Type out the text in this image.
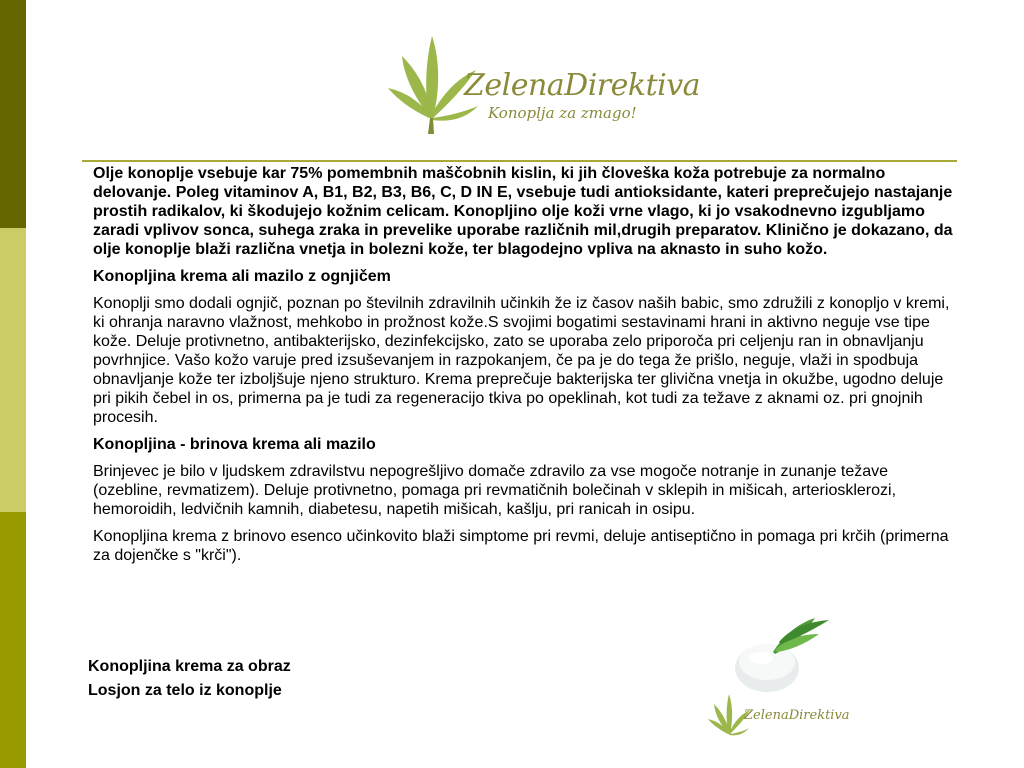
ZelenaDirektiva
Konoplja za zmago!

Olje konoplje vsebuje kar 75% pomembnih maščobnih kislin, ki jih človeška koža potrebuje za normalno delovanje. Poleg vitaminov A, B1, B2, B3, B6, C, D IN E, vsebuje tudi antioksidante, kateri preprečujejo nastajanje prostih radikalov, ki škodujejo kožnim celicam. Konopljino olje koži vrne vlago, ki jo vsakodnevno izgubljamo zaradi vplivov sonca, suhega zraka in prevelike uporabe različnih mil,drugih preparatov. Klinično je dokazano, da olje konoplje blaži različna vnetja in bolezni kože, ter blagodejno vpliva na aknasto in suho kožo.

Konopljina krema ali mazilo z ognjičem

Konoplji smo dodali ognjič, poznan po številnih zdravilnih učinkih že iz časov naših babic, smo združili z konopljo v kremi, ki ohranja naravno vlažnost, mehkobo in prožnost kože.S svojimi bogatimi sestavinami hrani in aktivno neguje vse tipe kože. Deluje protivnetno, antibakterijsko, dezinfekcijsko, zato se uporaba zelo priporoča pri celjenju ran in obnavljanju povrhnjice. Vašo kožo varuje pred izsuševanjem in razpokanjem, če pa je do tega že prišlo, neguje, vlaži in spodbuja obnavljanje kože ter izboljšuje njeno strukturo. Krema preprečuje bakterijska ter glivična vnetja in okužbe, ugodno deluje pri pikih čebel in os, primerna pa je tudi za regeneracijo tkiva po opeklinah, kot tudi za težave z aknami oz. pri gnojnih procesih.

Konopljina - brinova krema ali mazilo

Brinjevec je bilo v ljudskem zdravilstvu nepogrešljivo domače zdravilo za vse mogoče notranje in zunanje težave (ozebline, revmatizem). Deluje protivnetno, pomaga pri revmatičnih bolečinah v sklepih in mišicah, arteriosklerozi, hemoroidih, ledvičnih kamnih, diabetesu, napetih mišicah, kašlju, pri ranicah in osipu.

Konopljina krema z brinovo esenco učinkovito blaži simptome pri revmi, deluje antiseptično in pomaga pri krčih (primerna za dojenčke s "krči").

Konopljina krema za obraz
Losjon za telo iz konoplje
ZelenaDirektiva
